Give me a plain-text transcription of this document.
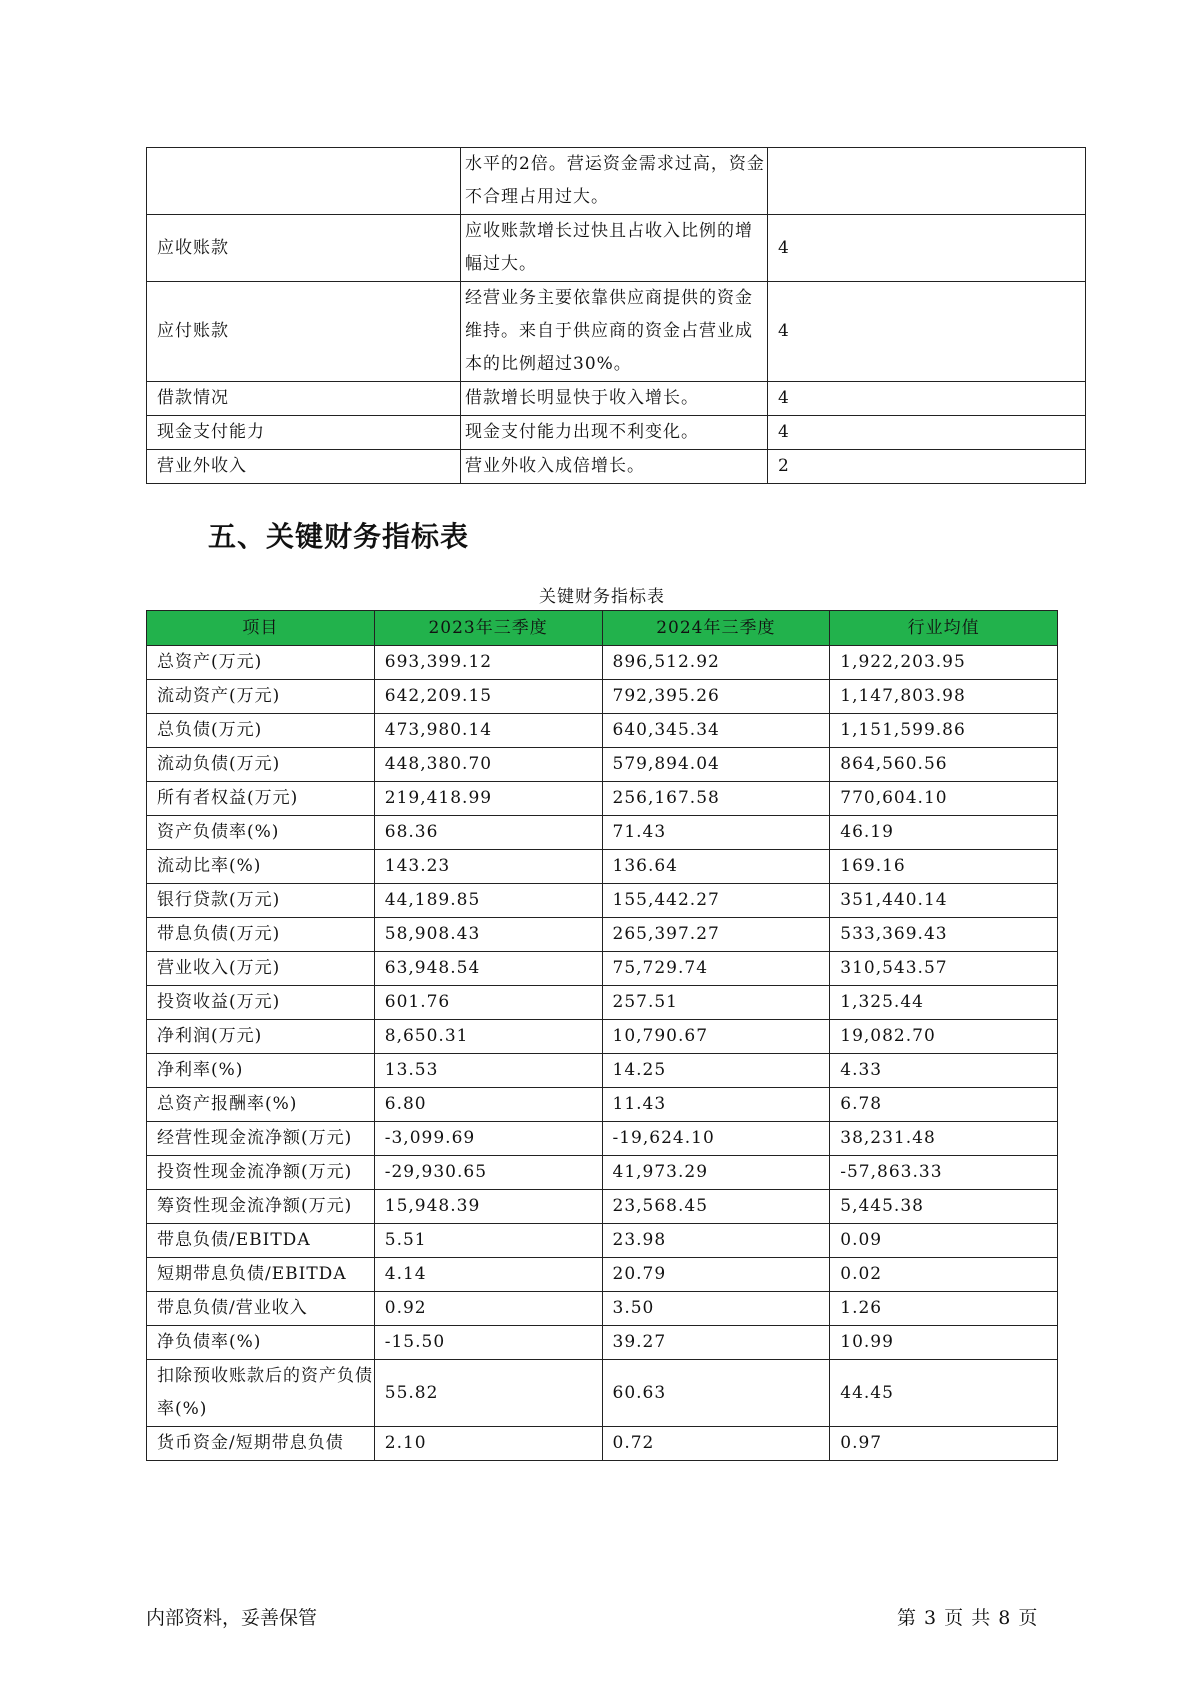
	水平的2倍。营运资金需求过高，资金不合理占用过大。	
应收账款	应收账款增长过快且占收入比例的增幅过大。	4
应付账款	经营业务主要依靠供应商提供的资金维持。来自于供应商的资金占营业成本的比例超过30%。	4
借款情况	借款增长明显快于收入增长。	4
现金支付能力	现金支付能力出现不利变化。	4
营业外收入	营业外收入成倍增长。	2
五、关键财务指标表
关键财务指标表
项目	2023年三季度	2024年三季度	行业均值
总资产(万元)	693,399.12	896,512.92	1,922,203.95
流动资产(万元)	642,209.15	792,395.26	1,147,803.98
总负债(万元)	473,980.14	640,345.34	1,151,599.86
流动负债(万元)	448,380.70	579,894.04	864,560.56
所有者权益(万元)	219,418.99	256,167.58	770,604.10
资产负债率(%)	68.36	71.43	46.19
流动比率(%)	143.23	136.64	169.16
银行贷款(万元)	44,189.85	155,442.27	351,440.14
带息负债(万元)	58,908.43	265,397.27	533,369.43
营业收入(万元)	63,948.54	75,729.74	310,543.57
投资收益(万元)	601.76	257.51	1,325.44
净利润(万元)	8,650.31	10,790.67	19,082.70
净利率(%)	13.53	14.25	4.33
总资产报酬率(%)	6.80	11.43	6.78
经营性现金流净额(万元)	-3,099.69	-19,624.10	38,231.48
投资性现金流净额(万元)	-29,930.65	41,973.29	-57,863.33
筹资性现金流净额(万元)	15,948.39	23,568.45	5,445.38
带息负债/EBITDA	5.51	23.98	0.09
短期带息负债/EBITDA	4.14	20.79	0.02
带息负债/营业收入	0.92	3.50	1.26
净负债率(%)	-15.50	39.27	10.99
扣除预收账款后的资产负债率(%)	55.82	60.63	44.45
货币资金/短期带息负债	2.10	0.72	0.97
内部资料，妥善保管	第 3 页 共 8 页
